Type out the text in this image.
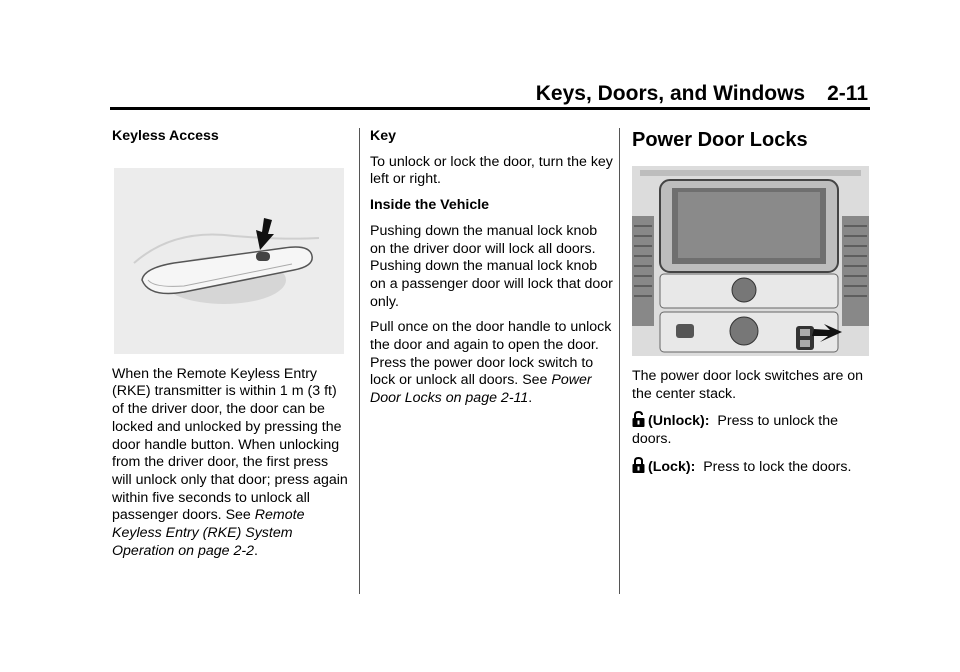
Keys, Doors, and Windows 2-11
Keyless Access

When the Remote Keyless Entry (RKE) transmitter is within 1 m (3 ft) of the driver door, the door can be locked and unlocked by pressing the door handle button. When unlocking from the driver door, the first press will unlock only that door; press again within five seconds to unlock all passenger doors. See Remote Keyless Entry (RKE) System Operation on page 2-2.

Key

To unlock or lock the door, turn the key left or right.

Inside the Vehicle

Pushing down the manual lock knob on the driver door will lock all doors. Pushing down the manual lock knob on a passenger door will lock that door only.

Pull once on the door handle to unlock the door and again to open the door. Press the power door lock switch to lock or unlock all doors. See Power Door Locks on page 2-11.

Power Door Locks

The power door lock switches are on the center stack.

(Unlock): Press to unlock the doors.

(Lock): Press to lock the doors.
